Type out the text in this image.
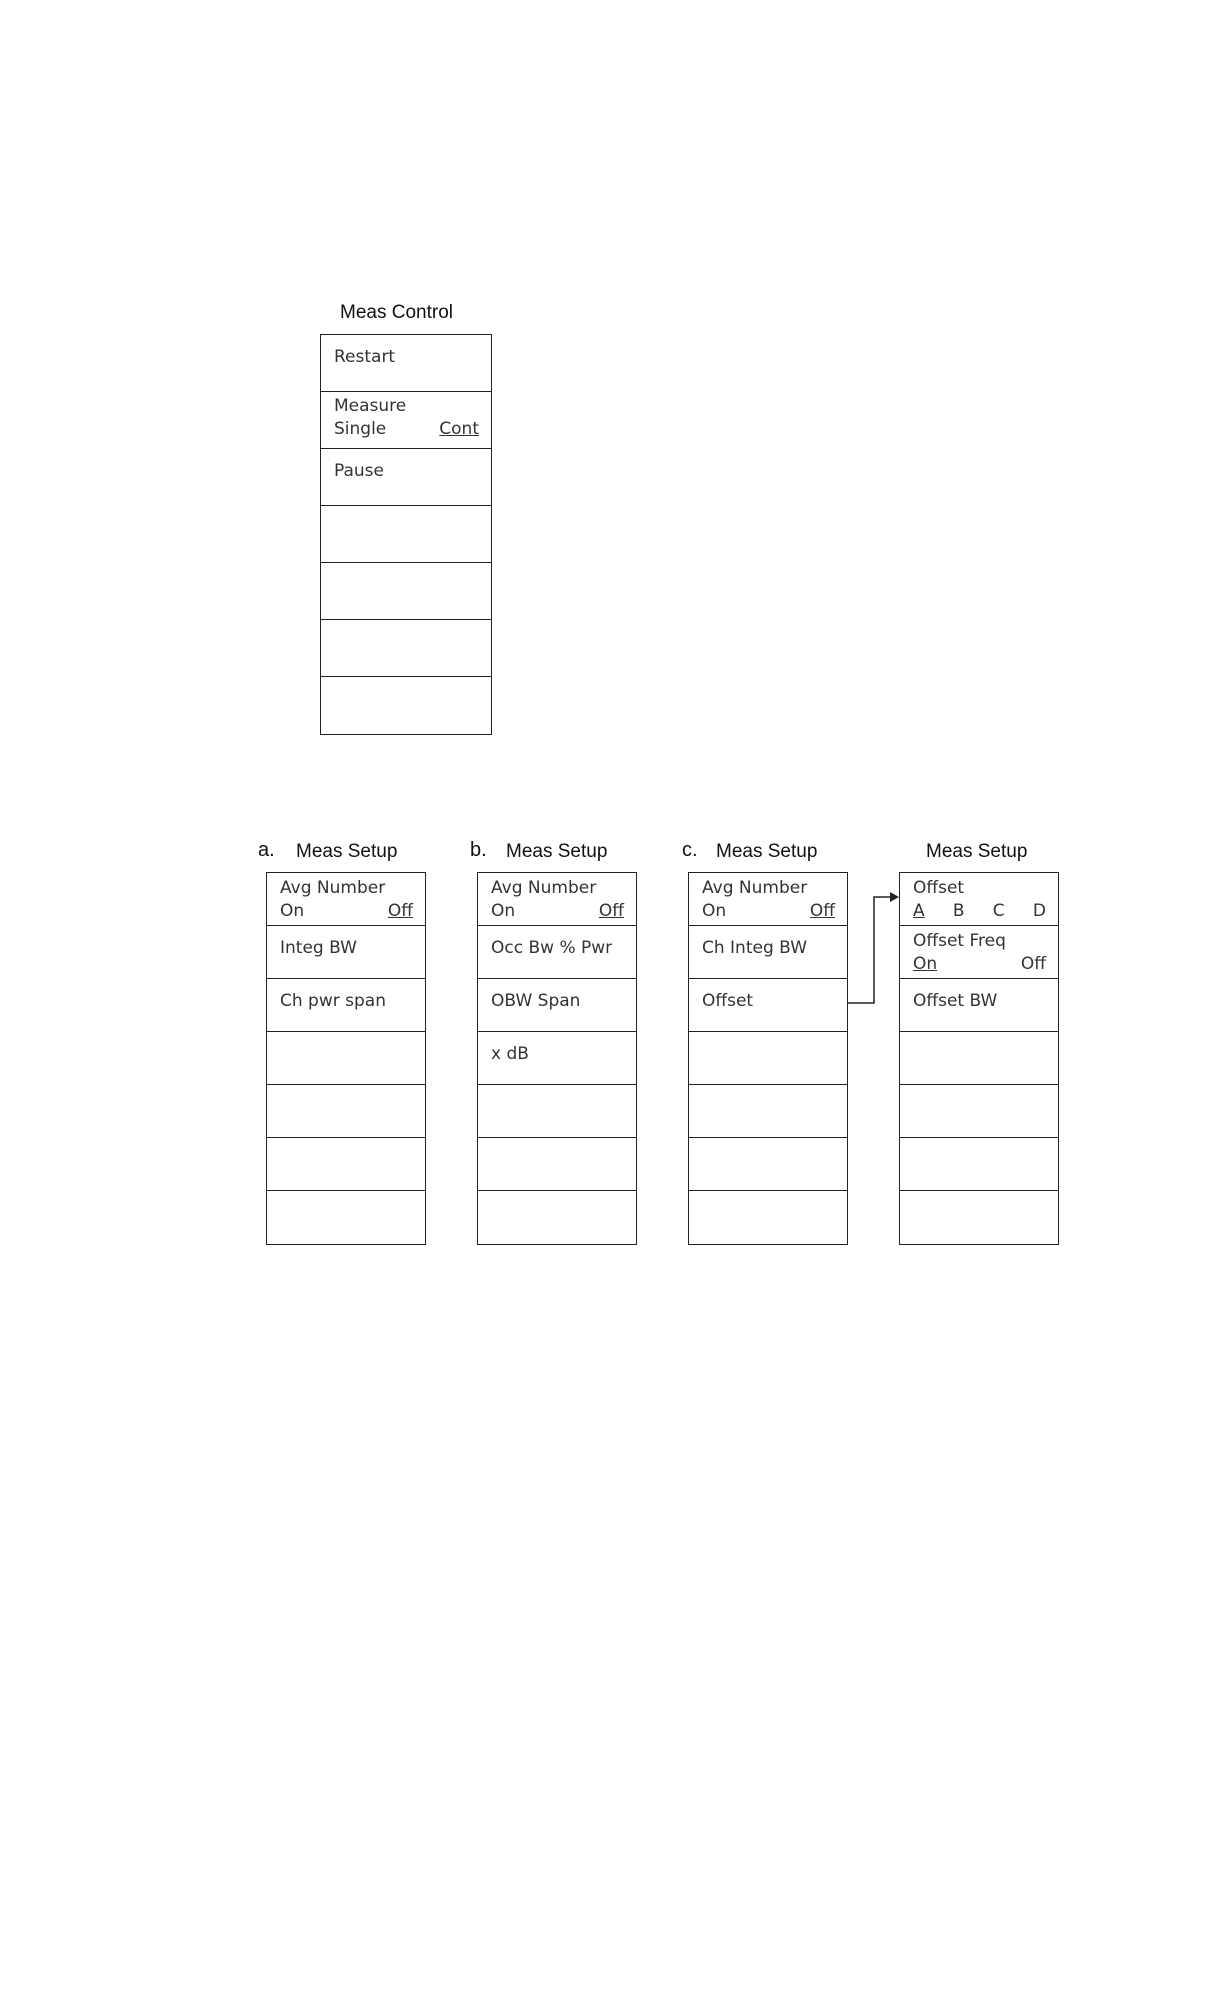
Meas Control
Restart
Measure
Single	Cont
Pause
a. Meas Setup
Avg Number
On	Off
Integ BW
Ch pwr span
b. Meas Setup
Avg Number
On	Off
Occ Bw % Pwr
OBW Span
x dB
c. Meas Setup
Avg Number
On	Off
Ch Integ BW
Offset
Meas Setup
Offset
A B C D
Offset Freq
On	Off
Offset BW
